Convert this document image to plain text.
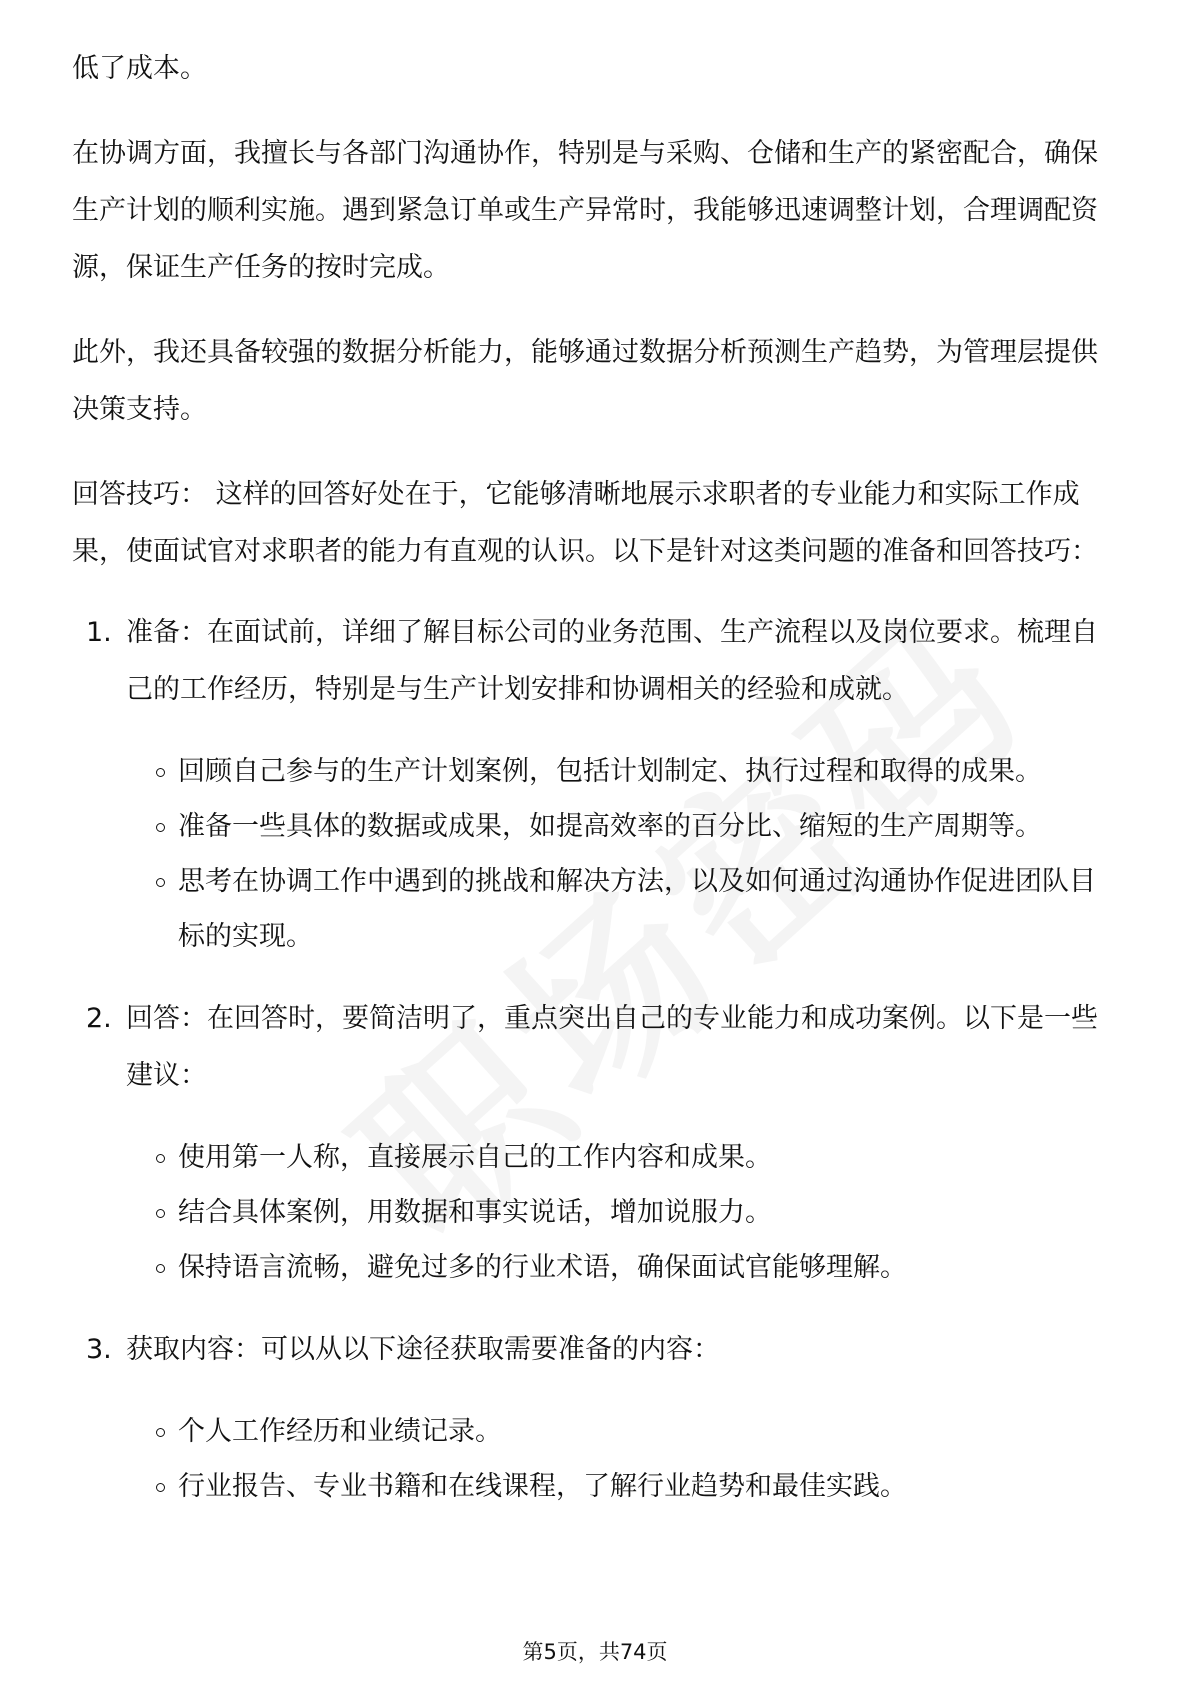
低了成本。

在协调方面，我擅长与各部门沟通协作，特别是与采购、仓储和生产的紧密配合，确保生产计划的顺利实施。遇到紧急订单或生产异常时，我能够迅速调整计划，合理调配资源，保证生产任务的按时完成。

此外，我还具备较强的数据分析能力，能够通过数据分析预测生产趋势，为管理层提供决策支持。

回答技巧： 这样的回答好处在于，它能够清晰地展示求职者的专业能力和实际工作成果，使面试官对求职者的能力有直观的认识。以下是针对这类问题的准备和回答技巧：

1. 准备：在面试前，详细了解目标公司的业务范围、生产流程以及岗位要求。梳理自己的工作经历，特别是与生产计划安排和协调相关的经验和成就。
回顾自己参与的生产计划案例，包括计划制定、执行过程和取得的成果。
准备一些具体的数据或成果，如提高效率的百分比、缩短的生产周期等。
思考在协调工作中遇到的挑战和解决方法，以及如何通过沟通协作促进团队目标的实现。
2. 回答：在回答时，要简洁明了，重点突出自己的专业能力和成功案例。以下是一些建议：
使用第一人称，直接展示自己的工作内容和成果。
结合具体案例，用数据和事实说话，增加说服力。
保持语言流畅，避免过多的行业术语，确保面试官能够理解。
3. 获取内容：可以从以下途径获取需要准备的内容：
个人工作经历和业绩记录。
行业报告、专业书籍和在线课程，了解行业趋势和最佳实践。
第5页，共74页
